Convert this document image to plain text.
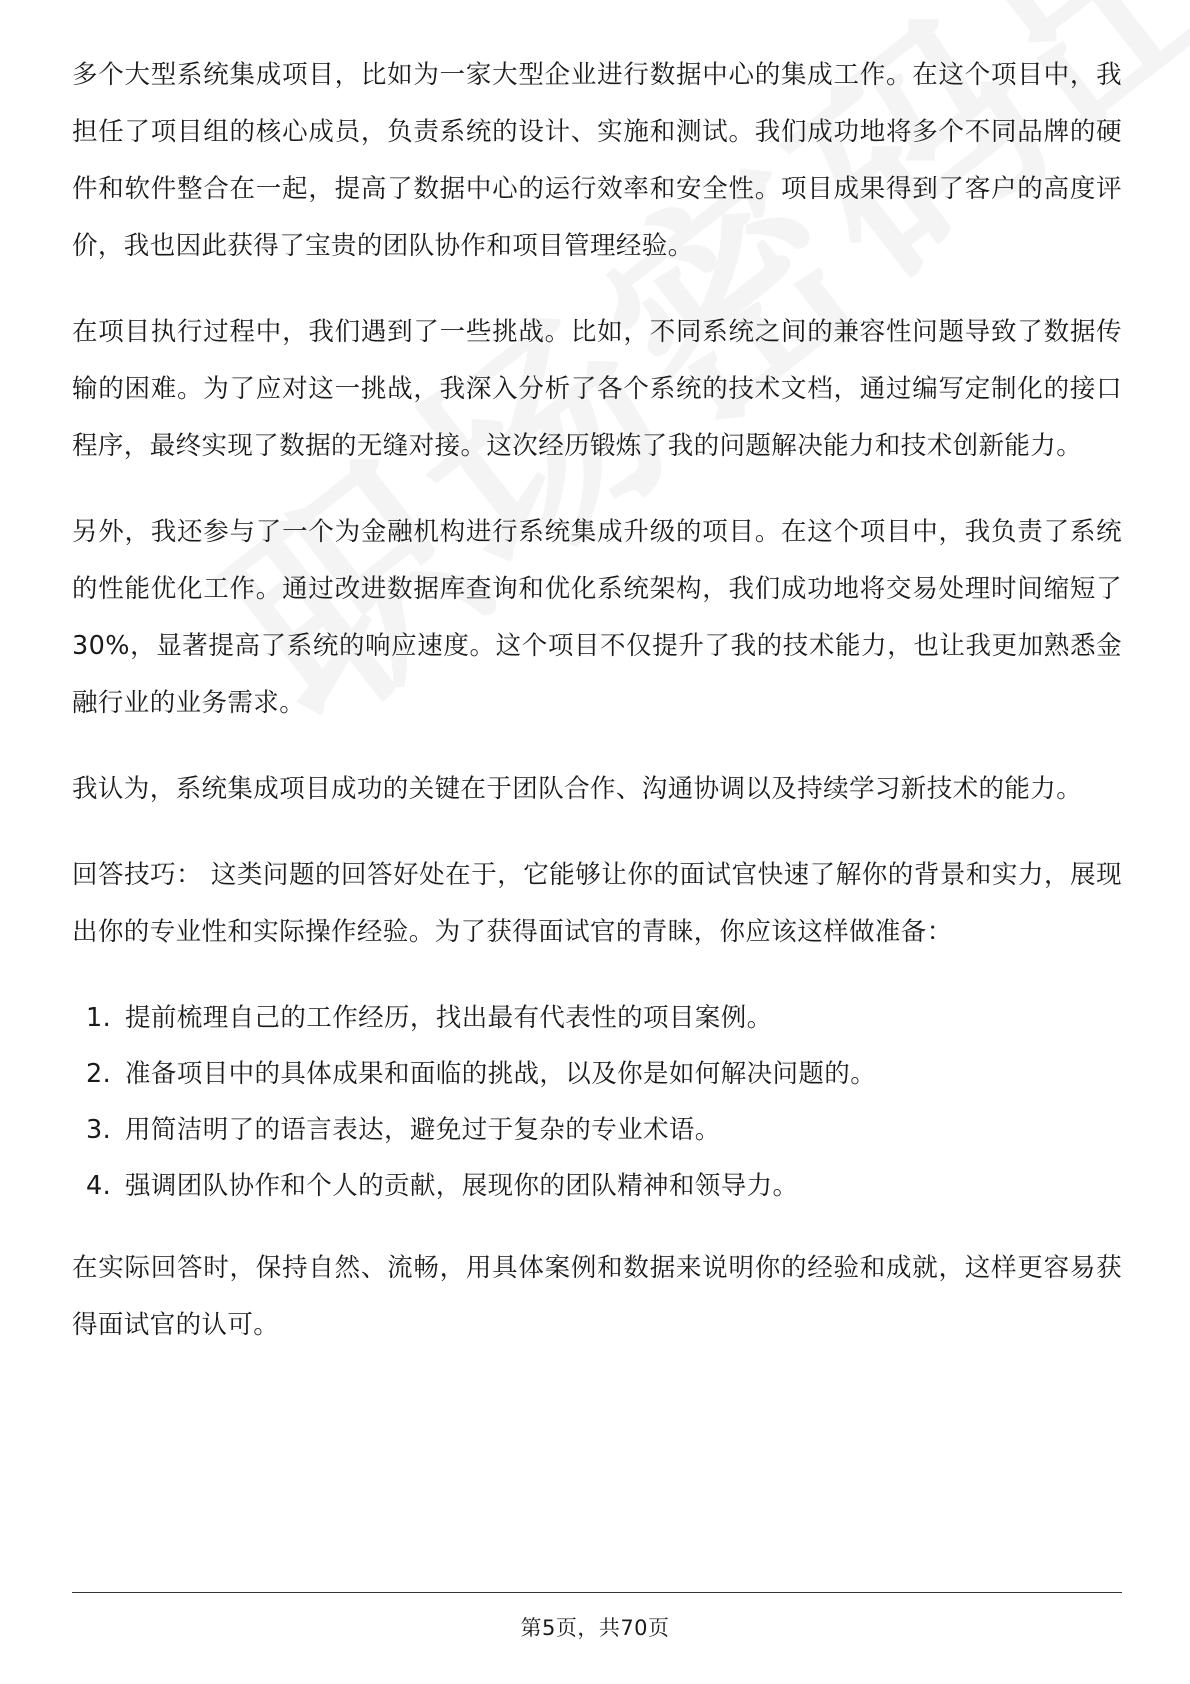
多个大型系统集成项目，比如为一家大型企业进行数据中心的集成工作。在这个项目中，我担任了项目组的核心成员，负责系统的设计、实施和测试。我们成功地将多个不同品牌的硬件和软件整合在一起，提高了数据中心的运行效率和安全性。项目成果得到了客户的高度评价，我也因此获得了宝贵的团队协作和项目管理经验。

在项目执行过程中，我们遇到了一些挑战。比如，不同系统之间的兼容性问题导致了数据传输的困难。为了应对这一挑战，我深入分析了各个系统的技术文档，通过编写定制化的接口程序，最终实现了数据的无缝对接。这次经历锻炼了我的问题解决能力和技术创新能力。

另外，我还参与了一个为金融机构进行系统集成升级的项目。在这个项目中，我负责了系统的性能优化工作。通过改进数据库查询和优化系统架构，我们成功地将交易处理时间缩短了30%，显著提高了系统的响应速度。这个项目不仅提升了我的技术能力，也让我更加熟悉金融行业的业务需求。

我认为，系统集成项目成功的关键在于团队合作、沟通协调以及持续学习新技术的能力。

回答技巧： 这类问题的回答好处在于，它能够让你的面试官快速了解你的背景和实力，展现出你的专业性和实际操作经验。为了获得面试官的青睐，你应该这样做准备：

1. 提前梳理自己的工作经历，找出最有代表性的项目案例。
2. 准备项目中的具体成果和面临的挑战，以及你是如何解决问题的。
3. 用简洁明了的语言表达，避免过于复杂的专业术语。
4. 强调团队协作和个人的贡献，展现你的团队精神和领导力。

在实际回答时，保持自然、流畅，用具体案例和数据来说明你的经验和成就，这样更容易获得面试官的认可。

第5页，共70页
